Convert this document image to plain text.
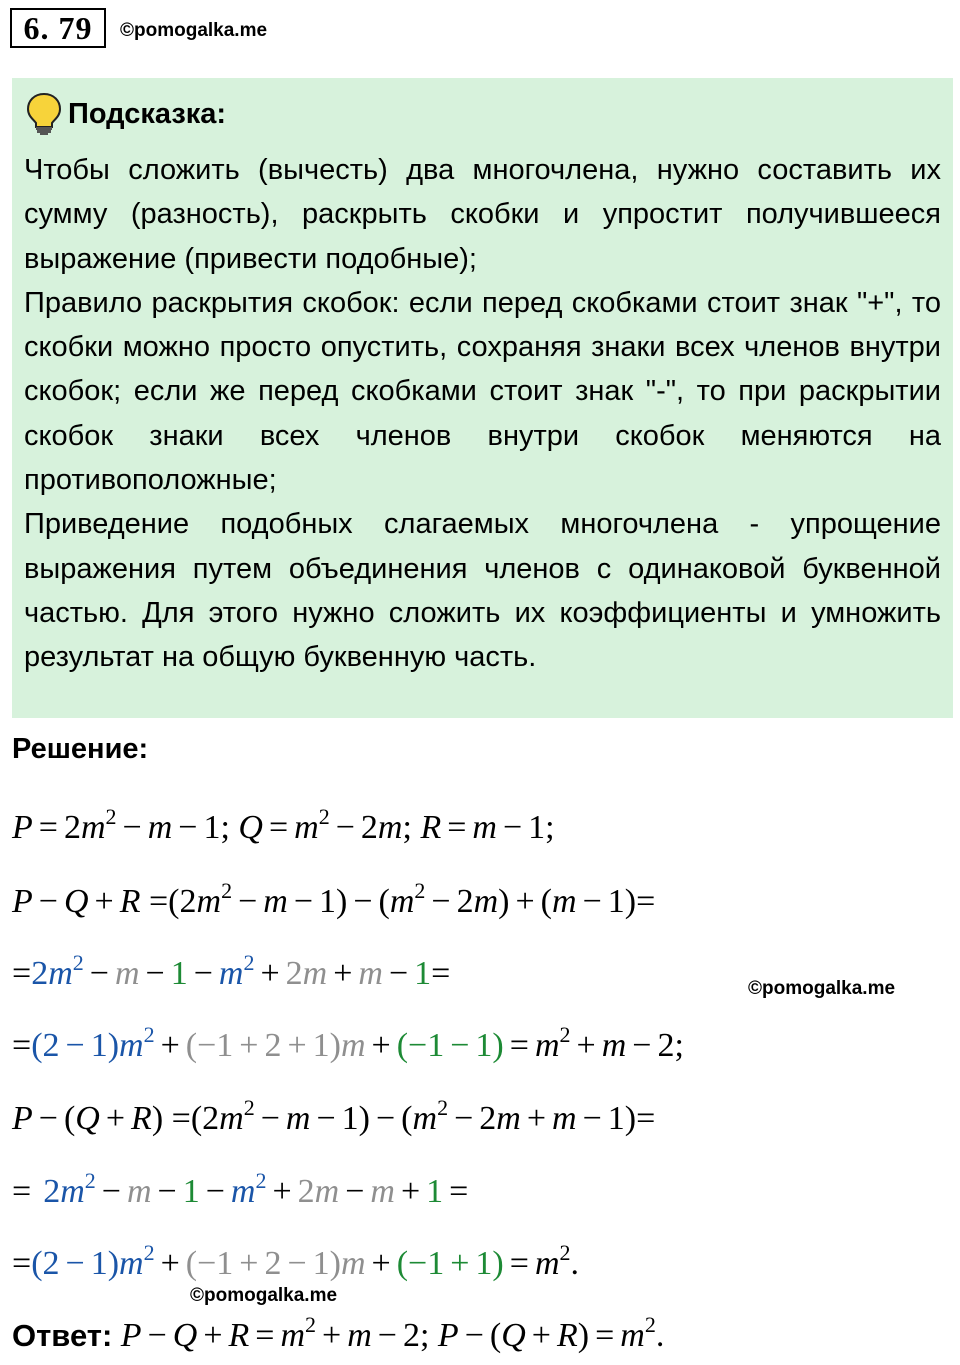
6. 79	©pomogalka.me
Подсказка:

Чтобы сложить (вычесть) два многочлена, нужно составить их сумму (разность), раскрыть скобки и упростит получившееся выражение (привести подобные);

Правило раскрытия скобок: если перед скобками стоит знак "+", то скобки можно просто опустить, сохраняя знаки всех членов внутри скобок; если же перед скобками стоит знак "-", то при раскрытии скобок знаки всех членов внутри скобок меняются на противоположные;

Приведение подобных слагаемых многочлена - упрощение выражения путем объединения членов с одинаковой буквенной частью. Для этого нужно сложить их коэффициенты и умножить результат на общую буквенную часть.

Решение:
$P = 2m^2 - m - 1$; $Q = m^2 - 2m$; R = m − 1;
$P - Q + R =(2m^2 - m - 1) - (m^2 - 2m) + (m - 1)=$
$=2m^2 - m - 1 - m^2 + 2m + m - 1=$	©pomogalka.me
$=(2 - 1)m^2 + (-1 + 2 + 1)m + (-1 - 1) = m^2 + m - 2$;
$P - (Q + R) =(2m^2 - m - 1) - (m^2 - 2m + m - 1)=$
= $2m^2 - m - 1 - m^2 + 2m - m + 1$ =
$=(2 - 1)m^2 + (-1 + 2 - 1)m + (-1 + 1) = m^2$.
©pomogalka.me
Ответ: $P - Q + R = m^2 + m - 2$; $P - (Q + R) = m^2$.
